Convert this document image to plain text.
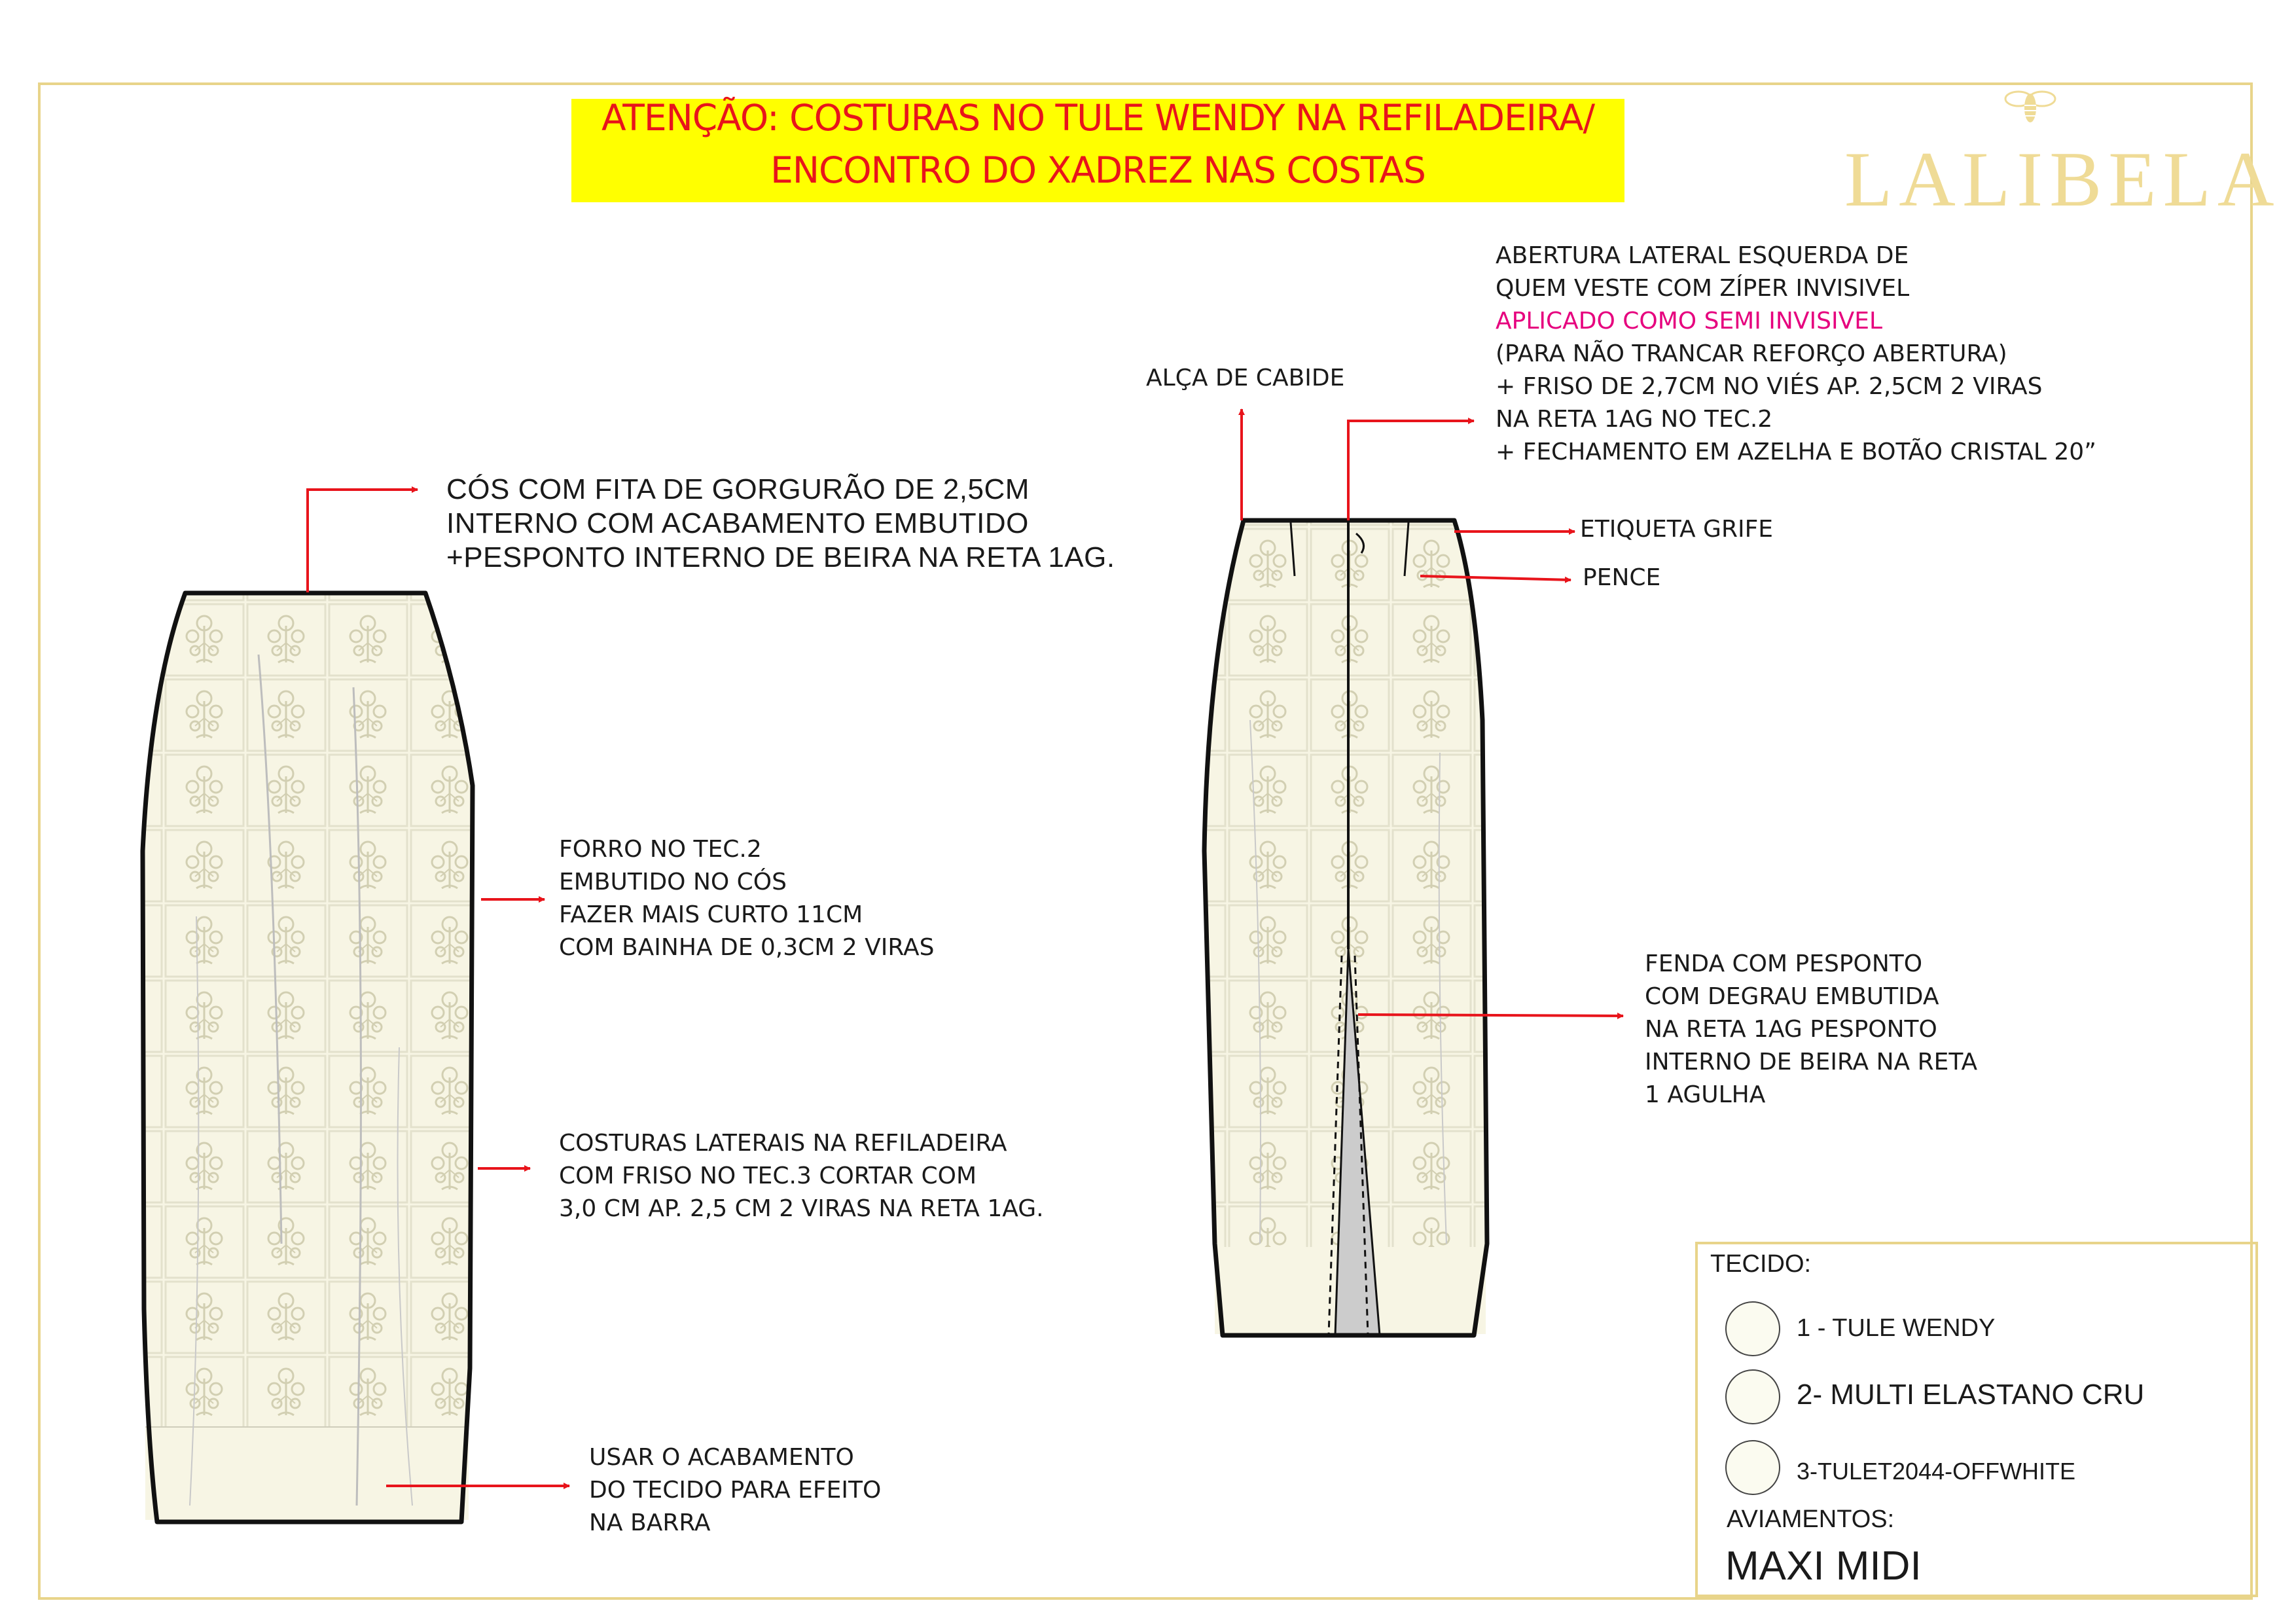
ATENÇÃO: COSTURAS NO TULE WENDY NA REFILADEIRA/
ENCONTRO DO XADREZ NAS COSTAS	LALIBELA
CÓS COM FITA DE GORGURÃO DE 2,5CM
INTERNO COM ACABAMENTO EMBUTIDO
+PESPONTO INTERNO DE BEIRA NA RETA 1AG.
FORRO NO TEC.2
EMBUTIDO NO CÓS
FAZER MAIS CURTO 11CM
COM BAINHA DE 0,3CM 2 VIRAS
COSTURAS LATERAIS NA REFILADEIRA
COM FRISO NO TEC.3 CORTAR COM
3,0 CM AP. 2,5 CM 2 VIRAS NA RETA 1AG.
USAR O ACABAMENTO
DO TECIDO PARA EFEITO
NA BARRA
ALÇA DE CABIDE
ABERTURA LATERAL ESQUERDA DE
QUEM VESTE COM ZÍPER INVISIVEL
APLICADO COMO SEMI INVISIVEL
(PARA NÃO TRANCAR REFORÇO ABERTURA)
+ FRISO DE 2,7CM NO VIÉS AP. 2,5CM 2 VIRAS
NA RETA 1AG NO TEC.2
+ FECHAMENTO EM AZELHA E BOTÃO CRISTAL 20”
ETIQUETA GRIFE
PENCE
FENDA COM PESPONTO
COM DEGRAU EMBUTIDA
NA RETA 1AG PESPONTO
INTERNO DE BEIRA NA RETA
1 AGULHA
TECIDO:
1 - TULE WENDY
2- MULTI ELASTANO CRU
3-TULET2044-OFFWHITE
AVIAMENTOS:
MAXI MIDI
